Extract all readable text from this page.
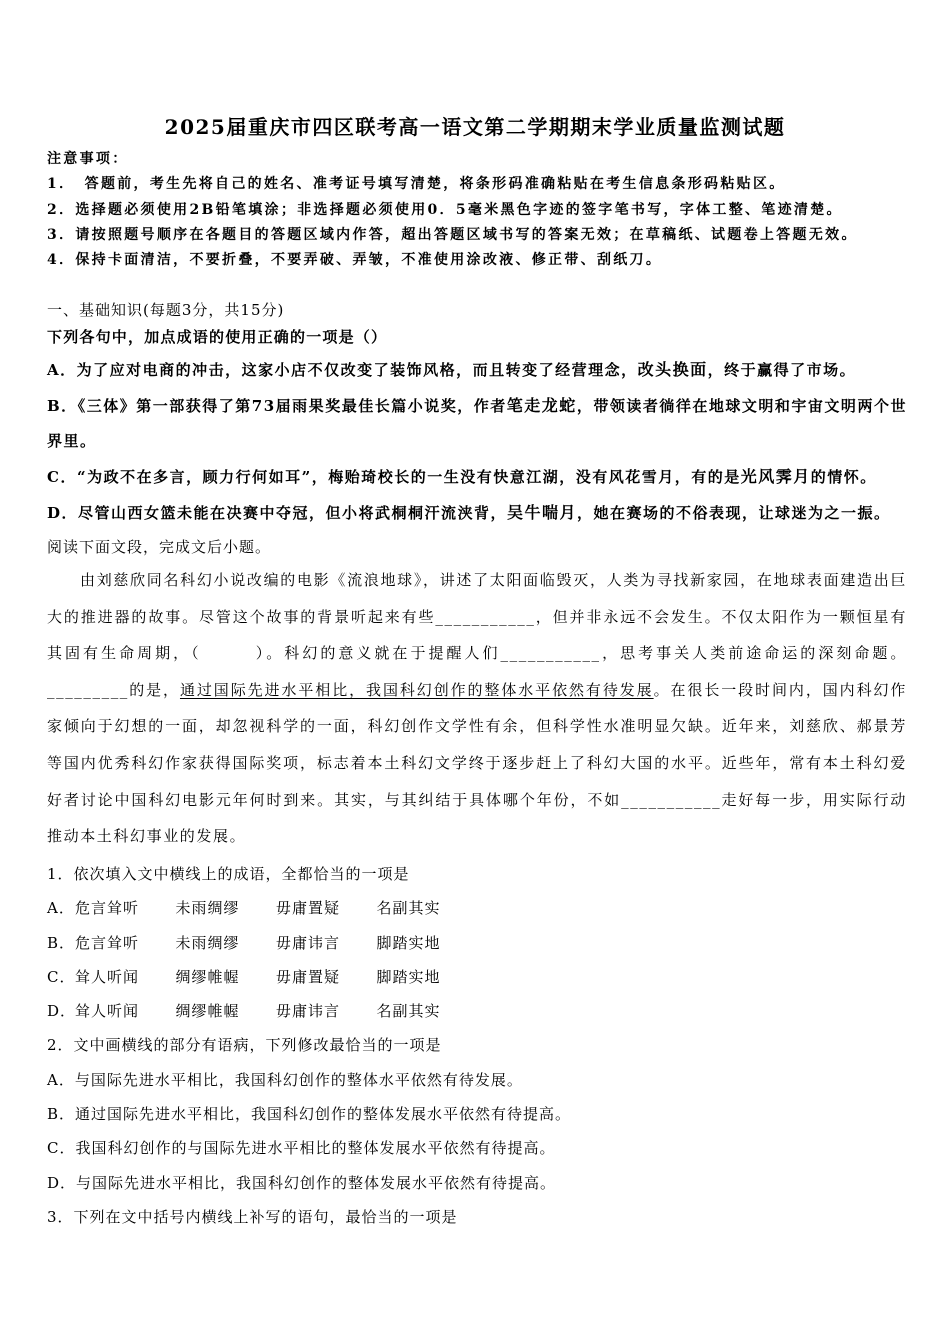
2025届重庆市四区联考高一语文第二学期期末学业质量监测试题
注意事项：
1．　答题前，考生先将自己的姓名、准考证号填写清楚，将条形码准确粘贴在考生信息条形码粘贴区。
2．选择题必须使用2B铅笔填涂；非选择题必须使用0．5毫米黑色字迹的签字笔书写，字体工整、笔迹清楚。
3．请按照题号顺序在各题目的答题区域内作答，超出答题区域书写的答案无效；在草稿纸、试题卷上答题无效。
4．保持卡面清洁，不要折叠，不要弄破、弄皱，不准使用涂改液、修正带、刮纸刀。
一、基础知识(每题3分，共15分)
下列各句中，加点成语的使用正确的一项是（）
A．为了应对电商的冲击，这家小店不仅改变了装饰风格，而且转变了经营理念，改头换面，终于赢得了市场。
B．《三体》第一部获得了第73届雨果奖最佳长篇小说奖，作者笔走龙蛇，带领读者徜徉在地球文明和宇宙文明两个世界里。
C．“为政不在多言，顾力行何如耳”，梅贻琦校长的一生没有快意江湖，没有风花雪月，有的是光风霁月的情怀。
D．尽管山西女篮未能在决赛中夺冠，但小将武桐桐汗流浃背，吴牛喘月，她在赛场的不俗表现，让球迷为之一振。
阅读下面文段，完成文后小题。
由刘慈欣同名科幻小说改编的电影《流浪地球》，讲述了太阳面临毁灭，人类为寻找新家园，在地球表面建造出巨大的推进器的故事。尽管这个故事的背景听起来有些___________，但并非永远不会发生。不仅太阳作为一颗恒星有其固有生命周期，（　　　）。科幻的意义就在于提醒人们___________，思考事关人类前途命运的深刻命题。_________的是，通过国际先进水平相比，我国科幻创作的整体水平依然有待发展。在很长一段时间内，国内科幻作家倾向于幻想的一面，却忽视科学的一面，科幻创作文学性有余，但科学性水准明显欠缺。近年来，刘慈欣、郝景芳等国内优秀科幻作家获得国际奖项，标志着本土科幻文学终于逐步赶上了科幻大国的水平。近些年，常有本土科幻爱好者讨论中国科幻电影元年何时到来。其实，与其纠结于具体哪个年份，不如___________走好每一步，用实际行动推动本土科幻事业的发展。
1．依次填入文中横线上的成语，全都恰当的一项是
A．危言耸听 未雨绸缪 毋庸置疑 名副其实
B．危言耸听 未雨绸缪 毋庸讳言 脚踏实地
C．耸人听闻 绸缪帷幄 毋庸置疑 脚踏实地
D．耸人听闻 绸缪帷幄 毋庸讳言 名副其实
2．文中画横线的部分有语病，下列修改最恰当的一项是
A．与国际先进水平相比，我国科幻创作的整体水平依然有待发展。
B．通过国际先进水平相比，我国科幻创作的整体发展水平依然有待提高。
C．我国科幻创作的与国际先进水平相比的整体发展水平依然有待提高。
D．与国际先进水平相比，我国科幻创作的整体发展水平依然有待提高。
3．下列在文中括号内横线上补写的语句，最恰当的一项是
